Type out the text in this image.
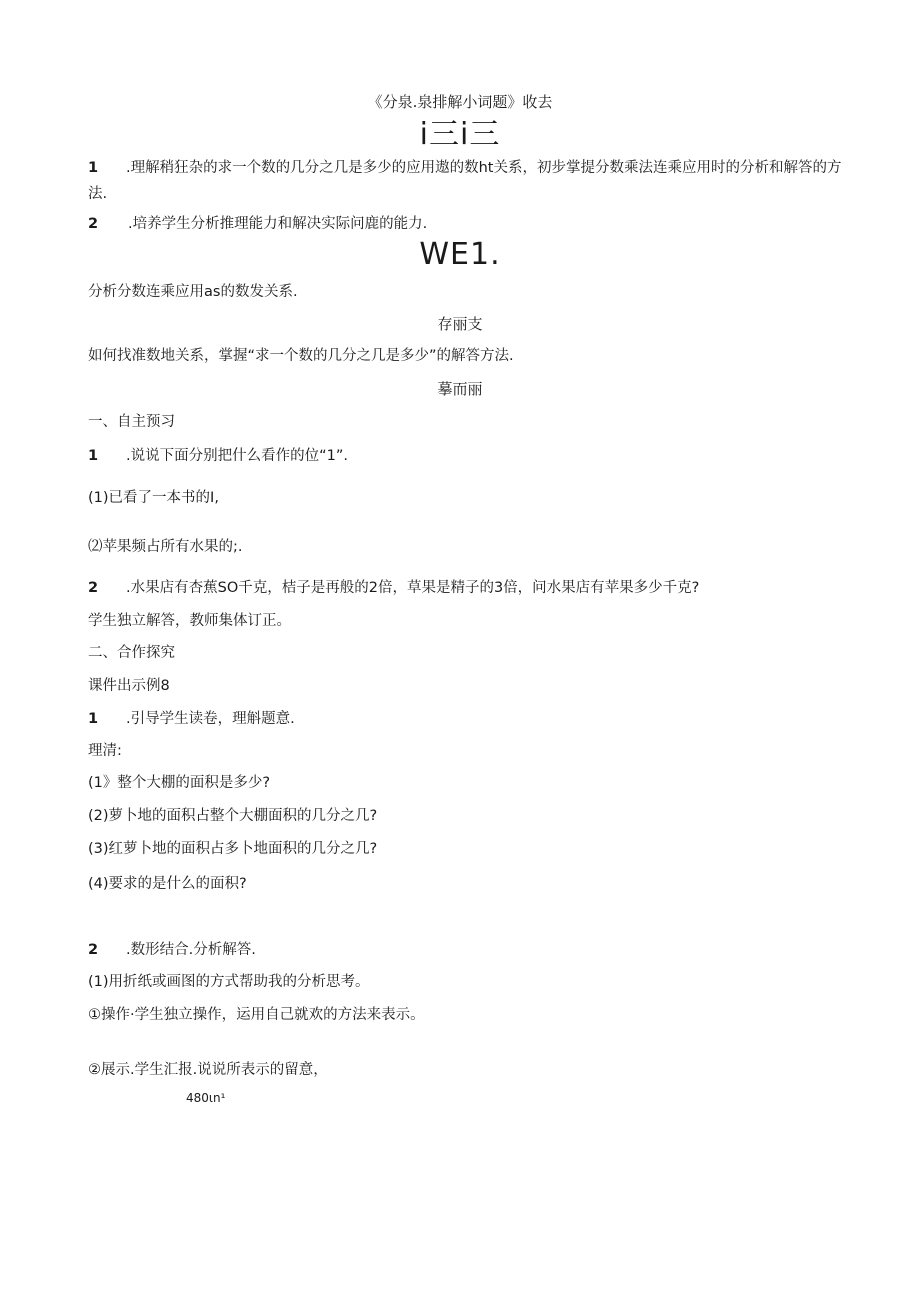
《分泉.泉排解小词题》收去
i三i三
1 .理解稍狂杂的求一个数的几分之几是多少的应用遨的数ht关系，初步掌提分数乘法连乘应用时的分析和解答的方
法.
2 .培养学生分析推理能力和解决实际问鹿的能力.
WE1.
分析分数连乘应用as的数发关系.
存丽支
如何找准数地关系，掌握“求一个数的几分之几是多少”的解答方法.
摹而丽
一、自主预习
1 .说说下面分别把什么看作的位“1”.
(1)已看了一本书的I,
⑵苹果频占所有水果的;.
2 .水果店有杏蕉SO千克，桔子是再般的2倍，草果是精子的3倍，问水果店有苹果多少千克?
学生独立解答，教师集体订正。
二、合作探究
课件出示例8
1 .引导学生读卷，理斛题意.
理清:
(1》整个大棚的面积是多少?
(2)萝卜地的面积占整个大棚面积的几分之几?
(3)红萝卜地的面积占多卜地面积的几分之几?
(4)要求的是什么的面积?
2 .数形结合.分析解答.
(1)用折纸或画图的方式帮助我的分析思考。
①操作·学生独立操作，运用自己就欢的方法来表示。
②展示.学生汇报.说说所表示的留意，
480ιn¹
